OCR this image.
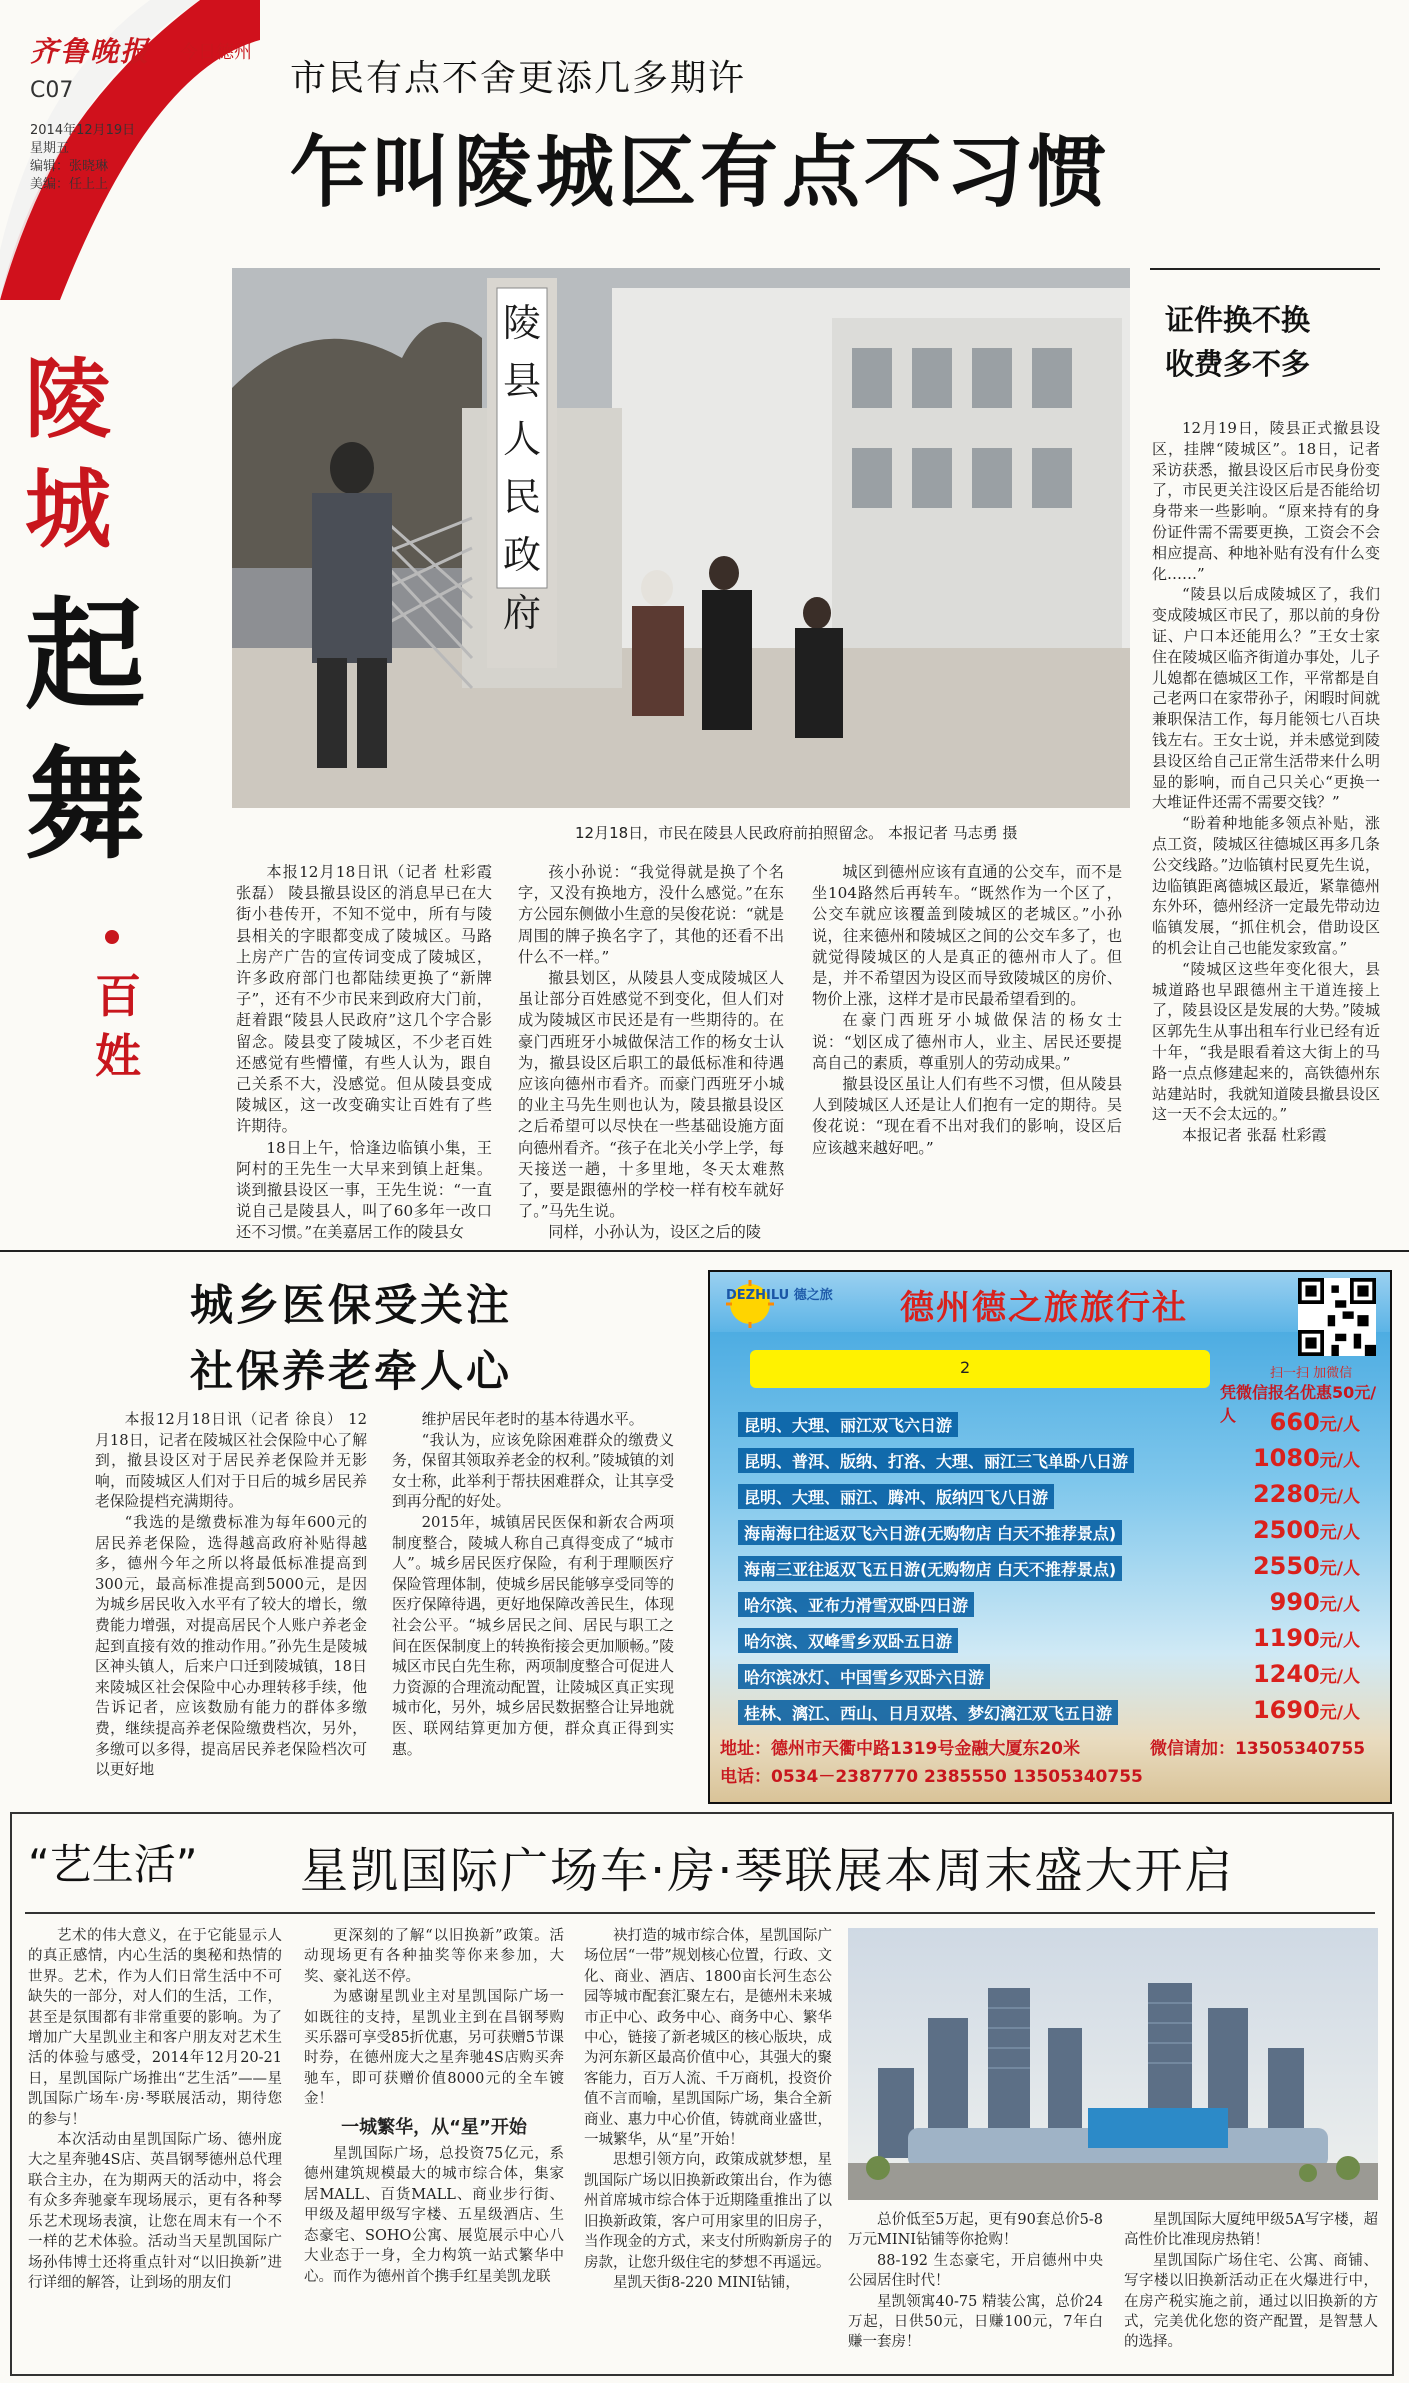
齐鲁晚报 今日德州
C07
2014年12月19日
星期五
编辑：张晓琳
美编：任上上
市民有点不舍更添几多期许
乍叫陵城区有点不习惯
陵
城
起
舞
百
姓
陵
县
人
民
政
府
12月18日，市民在陵县人民政府前拍照留念。 本报记者 马志勇 摄

本报12月18日讯（记者 杜彩霞 张磊） 陵县撤县设区的消息早已在大街小巷传开，不知不觉中，所有与陵县相关的字眼都变成了陵城区。马路上房产广告的宣传词变成了陵城区，许多政府部门也都陆续更换了“新牌子”，还有不少市民来到政府大门前，赶着跟“陵县人民政府”这几个字合影留念。陵县变了陵城区，不少老百姓还感觉有些懵懂，有些人认为，跟自己关系不大，没感觉。但从陵县变成陵城区，这一改变确实让百姓有了些许期待。

18日上午，恰逢边临镇小集，王阿村的王先生一大早来到镇上赶集。谈到撤县设区一事，王先生说：“一直说自己是陵县人，叫了60多年一改口还不习惯。”在美嘉居工作的陵县女

孩小孙说：“我觉得就是换了个名字，又没有换地方，没什么感觉。”在东方公园东侧做小生意的吴俊花说：“就是周围的牌子换名字了，其他的还看不出什么不一样。”

撤县划区，从陵县人变成陵城区人虽让部分百姓感觉不到变化，但人们对成为陵城区市民还是有一些期待的。在豪门西班牙小城做保洁工作的杨女士认为，撤县设区后职工的最低标准和待遇应该向德州市看齐。而豪门西班牙小城的业主马先生则也认为，陵县撤县设区之后希望可以尽快在一些基础设施方面向德州看齐。“孩子在北关小学上学，每天接送一趟，十多里地，冬天太难熬了，要是跟德州的学校一样有校车就好了。”马先生说。

同样，小孙认为，设区之后的陵

城区到德州应该有直通的公交车，而不是坐104路然后再转车。“既然作为一个区了，公交车就应该覆盖到陵城区的老城区。”小孙说，往来德州和陵城区之间的公交车多了，也就觉得陵城区的人是真正的德州市人了。但是，并不希望因为设区而导致陵城区的房价、物价上涨，这样才是市民最希望看到的。

在豪门西班牙小城做保洁的杨女士说：“划区成了德州市人，业主、居民还要提高自己的素质，尊重别人的劳动成果。”

撤县设区虽让人们有些不习惯，但从陵县人到陵城区人还是让人们抱有一定的期待。吴俊花说：“现在看不出对我们的影响，设区后应该越来越好吧。”

证件换不换
收费多不多

12月19日，陵县正式撤县设区，挂牌“陵城区”。18日，记者采访获悉，撤县设区后市民身份变了，市民更关注设区后是否能给切身带来一些影响。“原来持有的身份证件需不需要更换，工资会不会相应提高、种地补贴有没有什么变化……”

“陵县以后成陵城区了，我们变成陵城区市民了，那以前的身份证、户口本还能用么？”王女士家住在陵城区临齐街道办事处，儿子儿媳都在德城区工作，平常都是自己老两口在家带孙子，闲暇时间就兼职保洁工作，每月能领七八百块钱左右。王女士说，并未感觉到陵县设区给自己正常生活带来什么明显的影响，而自己只关心“更换一大堆证件还需不需要交钱？”

“盼着种地能多领点补贴，涨点工资，陵城区往德城区再多几条公交线路。”边临镇村民夏先生说，边临镇距离德城区最近，紧靠德州东外环，德州经济一定最先带动边临镇发展，“抓住机会，借助设区的机会让自己也能发家致富。”

“陵城区这些年变化很大，县城道路也早跟德州主干道连接上了，陵县设区是发展的大势。”陵城区郭先生从事出租车行业已经有近十年，“我是眼看着这大街上的马路一点点修建起来的，高铁德州东站建站时，我就知道陵县撤县设区这一天不会太远的。”

本报记者 张磊 杜彩霞

城乡医保受关注
社保养老牵人心

本报12月18日讯（记者 徐良） 12月18日，记者在陵城区社会保险中心了解到，撤县设区对于居民养老保险并无影响，而陵城区人们对于日后的城乡居民养老保险提档充满期待。

“我选的是缴费标准为每年600元的居民养老保险，选得越高政府补贴得越多，德州今年之所以将最低标准提高到300元，最高标准提高到5000元，是因为城乡居民收入水平有了较大的增长，缴费能力增强，对提高居民个人账户养老金起到直接有效的推动作用。”孙先生是陵城区神头镇人，后来户口迁到陵城镇，18日来陵城区社会保险中心办理转移手续，他告诉记者，应该数励有能力的群体多缴费，继续提高养老保险缴费档次，另外，多缴可以多得，提高居民养老保险档次可以更好地

维护居民年老时的基本待遇水平。

“我认为，应该免除困难群众的缴费义务，保留其领取养老金的权利。”陵城镇的刘女士称，此举利于帮扶困难群众，让其享受到再分配的好处。

2015年，城镇居民医保和新农合两项制度整合，陵城人称自己真得变成了“城市人”。城乡居民医疗保险，有利于理顺医疗保险管理体制，使城乡居民能够享受同等的医疗保障待遇，更好地保障改善民生，体现社会公平。“城乡居民之间、居民与职工之间在医保制度上的转换衔接会更加顺畅。”陵城区市民白先生称，两项制度整合可促进人力资源的合理流动配置，让陵城区真正实现城市化，另外，城乡居民数据整合让异地就医、联网结算更加方便，群众真正得到实惠。

DEZHILU 德之旅 德州德之旅旅行社
扫一扫 加微信
2
凭微信报名优惠50元/人
昆明、大理、丽江双飞六日游	660元/人
昆明、普洱、版纳、打洛、大理、丽江三飞单卧八日游	1080元/人
昆明、大理、丽江、腾冲、版纳四飞八日游	2280元/人
海南海口往返双飞六日游(无购物店 白天不推荐景点)	2500元/人
海南三亚往返双飞五日游(无购物店 白天不推荐景点)	2550元/人
哈尔滨、亚布力滑雪双卧四日游	990元/人
哈尔滨、双峰雪乡双卧五日游	1190元/人
哈尔滨冰灯、中国雪乡双卧六日游	1240元/人
桂林、漓江、西山、日月双塔、梦幻漓江双飞五日游	1690元/人
地址：德州市天衢中路1319号金融大厦东20米	微信请加：13505340755
电话：0534－2387770 2385550 13505340755
“艺生活” 星凯国际广场车·房·琴联展本周末盛大开启

艺术的伟大意义，在于它能显示人的真正感情，内心生活的奥秘和热情的世界。艺术，作为人们日常生活中不可缺失的一部分，对人们的生活，工作，甚至是氛围都有非常重要的影响。为了增加广大星凯业主和客户朋友对艺术生活的体验与感受，2014年12月20-21日，星凯国际广场推出“艺生活”——星凯国际广场车·房·琴联展活动，期待您的参与！

本次活动由星凯国际广场、德州庞大之星奔驰4S店、英昌钢琴德州总代理联合主办，在为期两天的活动中，将会有众多奔驰豪车现场展示，更有各种琴乐艺术现场表演，让您在周末有一个不一样的艺术体验。活动当天星凯国际广场孙伟博士还将重点针对“以旧换新”进行详细的解答，让到场的朋友们

更深刻的了解“以旧换新”政策。活动现场更有各种抽奖等你来参加，大奖、豪礼送不停。

为感谢星凯业主对星凯国际广场一如既往的支持，星凯业主到在昌钢琴购买乐器可享受85折优惠，另可获赠5节课时券，在德州庞大之星奔驰4S店购买奔驰车，即可获赠价值8000元的全车镀金！

一城繁华，从“星”开始

星凯国际广场，总投资75亿元，系德州建筑规模最大的城市综合体，集家居MALL、百货MALL、商业步行街、甲级及超甲级写字楼、五星级酒店、生态豪宅、SOHO公寓、展览展示中心八大业态于一身，全力构筑一站式繁华中心。而作为德州首个携手红星美凯龙联

袂打造的城市综合体，星凯国际广场位居“一带”规划核心位置，行政、文化、商业、酒店、1800亩长河生态公园等城市配套汇聚左右，是德州未来城市正中心、政务中心、商务中心、繁华中心，链接了新老城区的核心版块，成为河东新区最高价值中心，其强大的聚客能力，百万人流、千万商机，投资价值不言而喻，星凯国际广场，集合全新商业、惠力中心价值，铸就商业盛世，一城繁华，从“星”开始！

思想引领方向，政策成就梦想，星凯国际广场以旧换新政策出台，作为德州首席城市综合体于近期隆重推出了以旧换新政策，客户可用家里的旧房子，当作现金的方式，来支付所购新房子的房款，让您升级住宅的梦想不再遥远。

星凯天街8-220 MINI钻铺，

总价低至5万起，更有90套总价5-8万元MINI钻铺等你抢购！

88-192 生态豪宅，开启德州中央公园居住时代！

星凯领寓40-75 精装公寓，总价24万起，日供50元，日赚100元，7年白赚一套房！

星凯国际大厦纯甲级5A写字楼，超高性价比准现房热销！

星凯国际广场住宅、公寓、商铺、写字楼以旧换新活动正在火爆进行中，在房产税实施之前，通过以旧换新的方式，完美优化您的资产配置，是智慧人的选择。
